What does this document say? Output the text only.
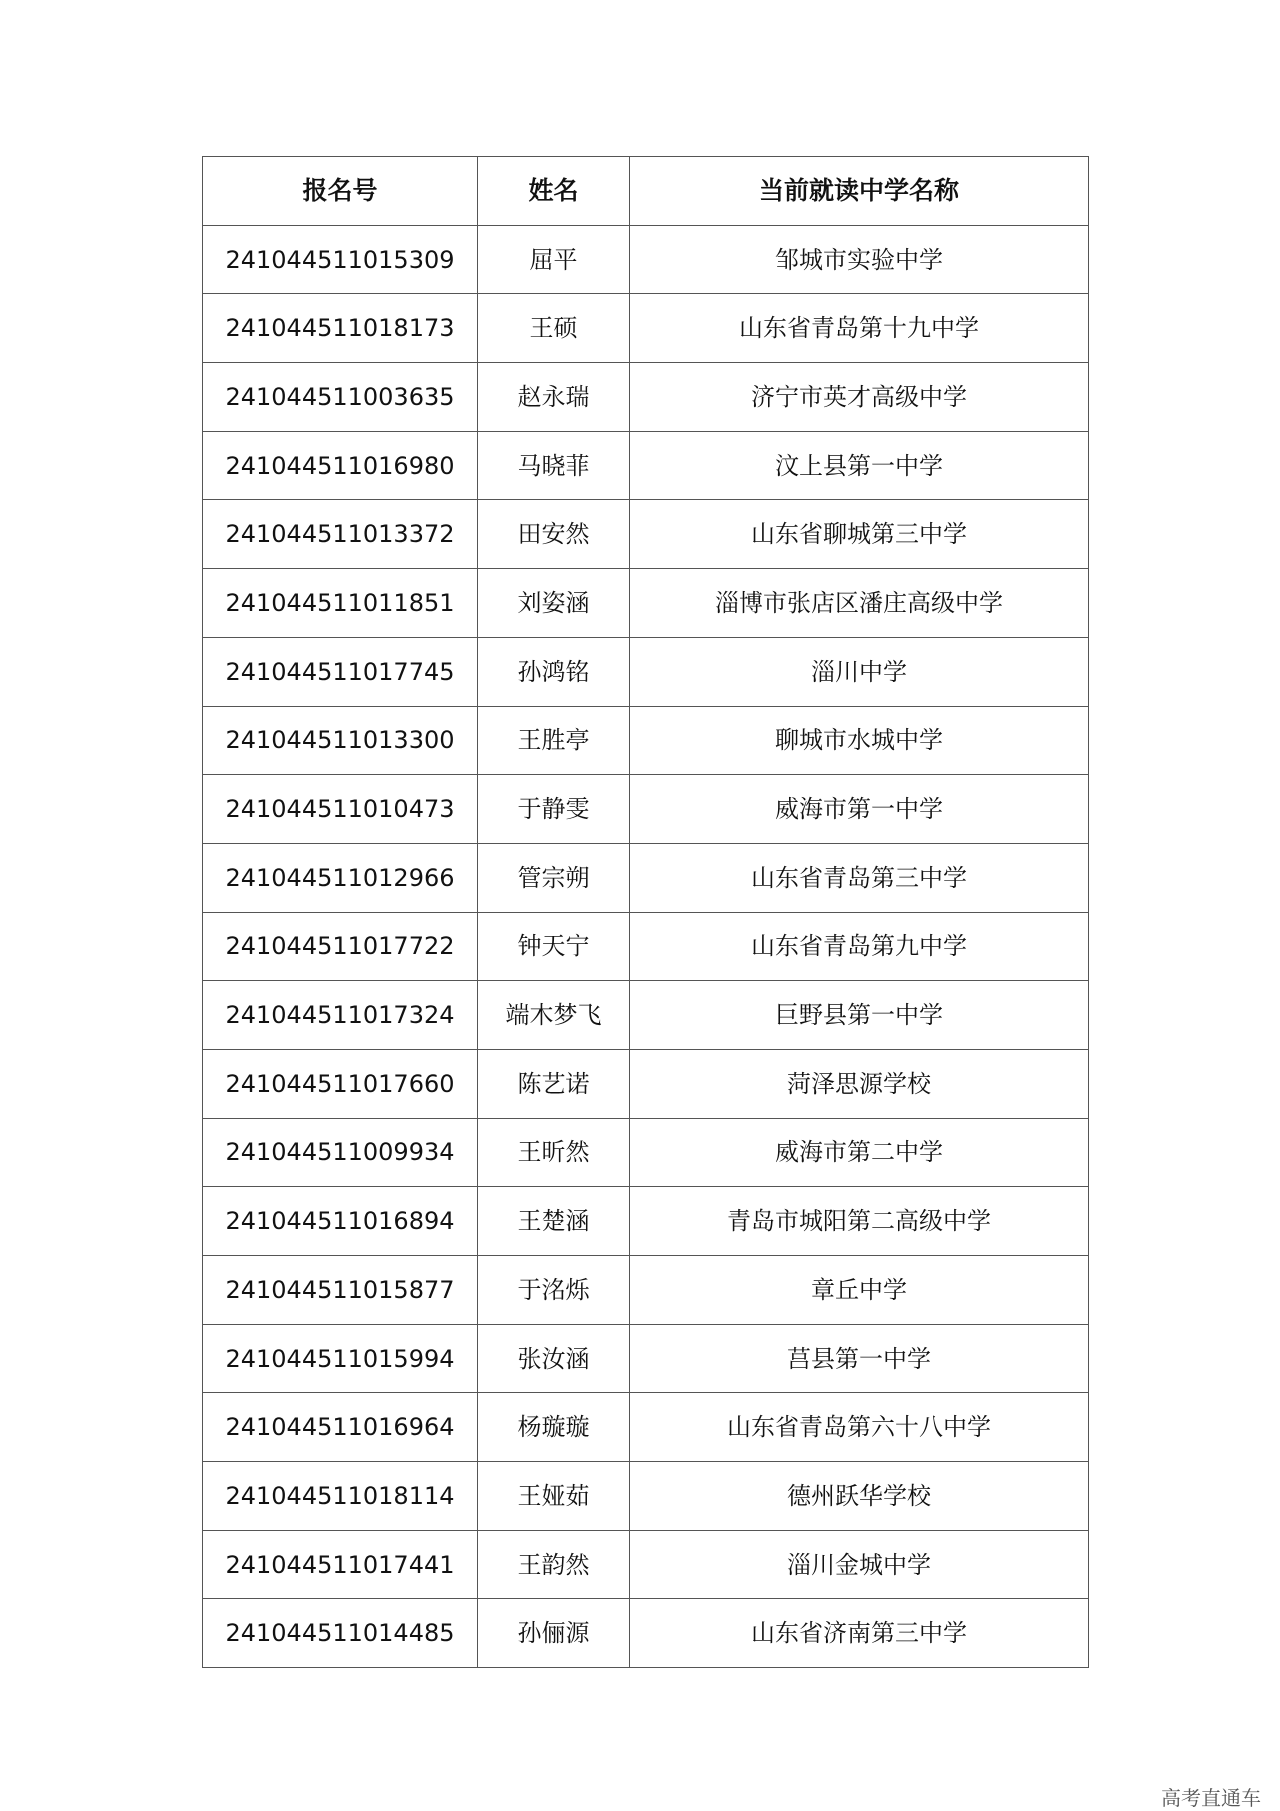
报名号	姓名	当前就读中学名称
241044511015309	屈平	邹城市实验中学
241044511018173	王硕	山东省青岛第十九中学
241044511003635	赵永瑞	济宁市英才高级中学
241044511016980	马晓菲	汶上县第一中学
241044511013372	田安然	山东省聊城第三中学
241044511011851	刘姿涵	淄博市张店区潘庄高级中学
241044511017745	孙鸿铭	淄川中学
241044511013300	王胜亭	聊城市水城中学
241044511010473	于静雯	威海市第一中学
241044511012966	管宗朔	山东省青岛第三中学
241044511017722	钟天宁	山东省青岛第九中学
241044511017324	端木梦飞	巨野县第一中学
241044511017660	陈艺诺	菏泽思源学校
241044511009934	王昕然	威海市第二中学
241044511016894	王楚涵	青岛市城阳第二高级中学
241044511015877	于洺烁	章丘中学
241044511015994	张汝涵	莒县第一中学
241044511016964	杨璇璇	山东省青岛第六十八中学
241044511018114	王娅茹	德州跃华学校
241044511017441	王韵然	淄川金城中学
241044511014485	孙俪源	山东省济南第三中学
高考直通车
